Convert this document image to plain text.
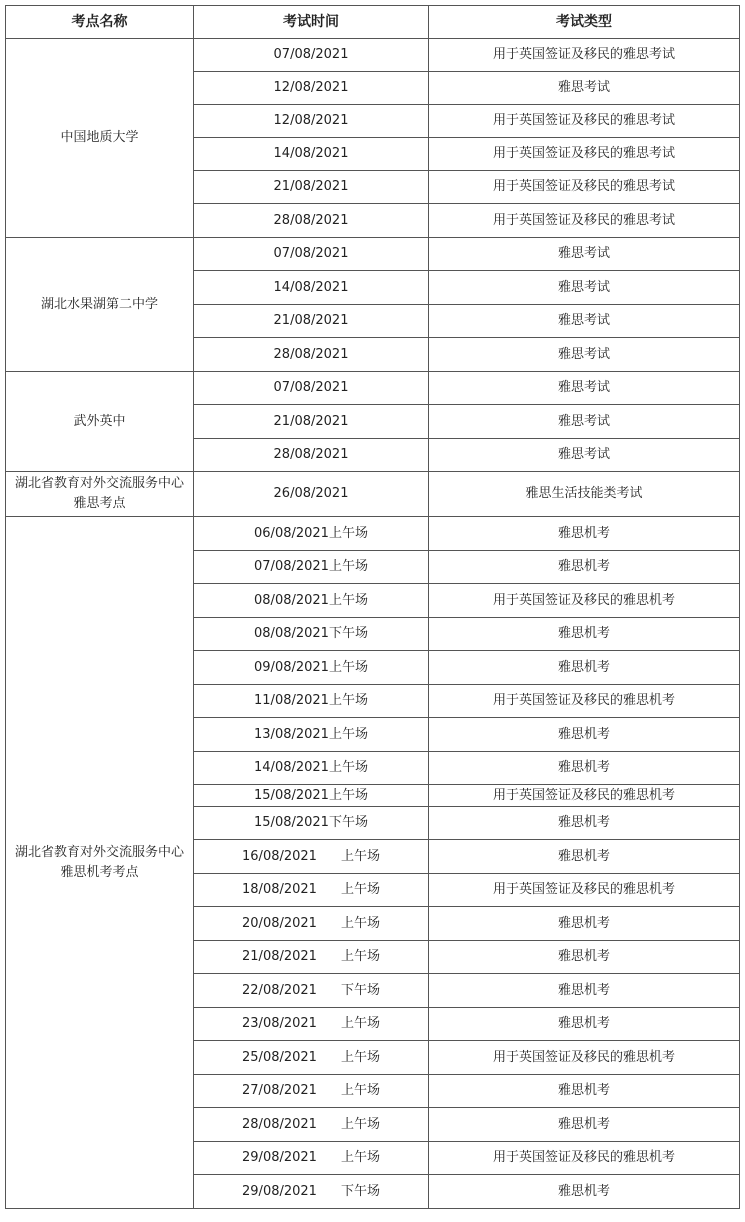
考点名称	考试时间	考试类型
中国地质大学	07/08/2021	用于英国签证及移民的雅思考试
	12/08/2021	雅思考试
	12/08/2021	用于英国签证及移民的雅思考试
	14/08/2021	用于英国签证及移民的雅思考试
	21/08/2021	用于英国签证及移民的雅思考试
	28/08/2021	用于英国签证及移民的雅思考试
湖北水果湖第二中学	07/08/2021	雅思考试
	14/08/2021	雅思考试
	21/08/2021	雅思考试
	28/08/2021	雅思考试
武外英中	07/08/2021	雅思考试
	21/08/2021	雅思考试
	28/08/2021	雅思考试
湖北省教育对外交流服务中心雅思考点	26/08/2021	雅思生活技能类考试
湖北省教育对外交流服务中心雅思机考考点	06/08/2021上午场	雅思机考
	07/08/2021上午场	雅思机考
	08/08/2021上午场	用于英国签证及移民的雅思机考
	08/08/2021下午场	雅思机考
	09/08/2021上午场	雅思机考
	11/08/2021上午场	用于英国签证及移民的雅思机考
	13/08/2021上午场	雅思机考
	14/08/2021上午场	雅思机考
	15/08/2021上午场	用于英国签证及移民的雅思机考
	15/08/2021下午场	雅思机考
	16/08/2021 上午场	雅思机考
	18/08/2021 上午场	用于英国签证及移民的雅思机考
	20/08/2021 上午场	雅思机考
	21/08/2021 上午场	雅思机考
	22/08/2021 下午场	雅思机考
	23/08/2021 上午场	雅思机考
	25/08/2021 上午场	用于英国签证及移民的雅思机考
	27/08/2021 上午场	雅思机考
	28/08/2021 上午场	雅思机考
	29/08/2021 上午场	用于英国签证及移民的雅思机考
	29/08/2021 下午场	雅思机考
